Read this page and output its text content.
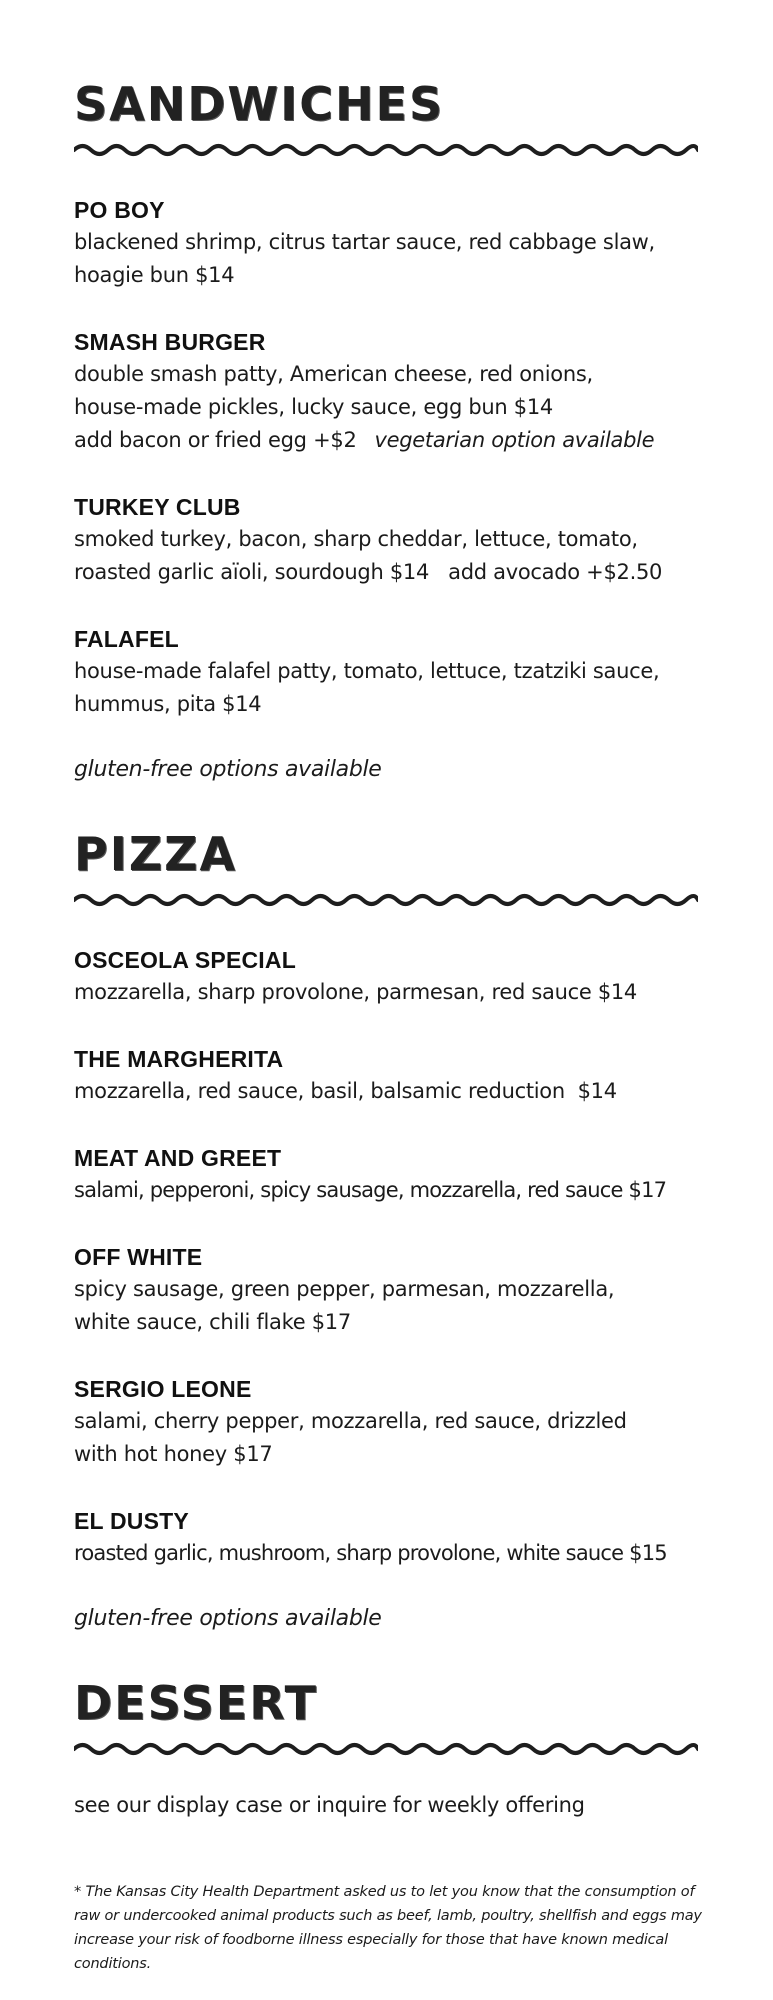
SANDWICHES
PO BOY
blackened shrimp, citrus tartar sauce, red cabbage slaw,
hoagie bun $14
SMASH BURGER
double smash patty, American cheese, red onions,
house-made pickles, lucky sauce, egg bun $14
add bacon or fried egg +$2 vegetarian option available
TURKEY CLUB
smoked turkey, bacon, sharp cheddar, lettuce, tomato,
roasted garlic aïoli, sourdough $14   add avocado +$2.50
FALAFEL
house-made falafel patty, tomato, lettuce, tzatziki sauce,
hummus, pita $14
gluten-free options available
PIZZA
OSCEOLA SPECIAL
mozzarella, sharp provolone, parmesan, red sauce $14
THE MARGHERITA
mozzarella, red sauce, basil, balsamic reduction  $14
MEAT AND GREET
salami, pepperoni, spicy sausage, mozzarella, red sauce $17
OFF WHITE
spicy sausage, green pepper, parmesan, mozzarella,
white sauce, chili flake $17
SERGIO LEONE
salami, cherry pepper, mozzarella, red sauce, drizzled
with hot honey $17
EL DUSTY
roasted garlic, mushroom, sharp provolone, white sauce $15
gluten-free options available
DESSERT
see our display case or inquire for weekly offering

* The Kansas City Health Department asked us to let you know that the consumption of raw or undercooked animal products such as beef, lamb, poultry, shellfish and eggs may increase your risk of foodborne illness especially for those that have known medical conditions.
